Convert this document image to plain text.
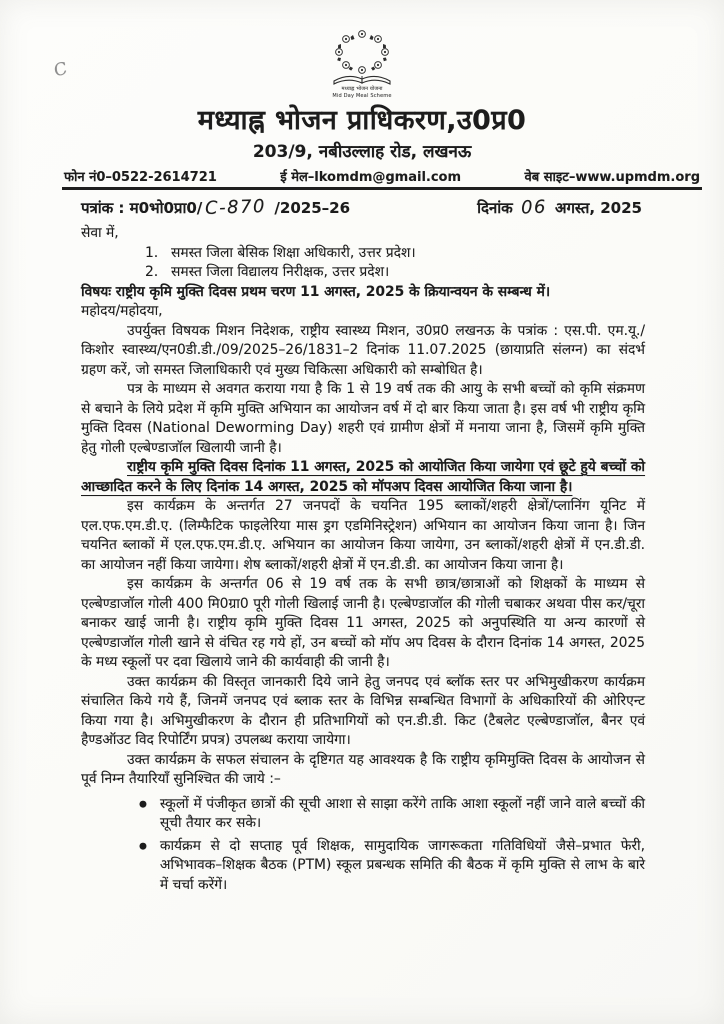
C
मध्याह्न भोजन योजना
Mid Day Meal Scheme
मध्याह्न भोजन प्राधिकरण,उ0प्र0
203/9, नबीउल्लाह रोड, लखनऊ
फोन नं0–0522-2614721	ई मेल–lkomdm@gmail.com	वेब साइट–www.upmdm.org
पत्रांक : म0भो0प्रा0/ C-870 /2025–26	दिनांक 06 अगस्त, 2025

सेवा में,

1. समस्त जिला बेसिक शिक्षा अधिकारी, उत्तर प्रदेश।
2. समस्त जिला विद्यालय निरीक्षक, उत्तर प्रदेश।

विषयः राष्ट्रीय कृमि मुक्ति दिवस प्रथम चरण 11 अगस्त, 2025 के क्रियान्वयन के सम्बन्ध में।

महोदय/महोदया,

उपर्युक्त विषयक मिशन निदेशक, राष्ट्रीय स्वास्थ्य मिशन, उ0प्र0 लखनऊ के पत्रांक : एस.पी. एम.यू./किशोर स्वास्थ्य/एन0डी.डी./09/2025–26/1831–2 दिनांक 11.07.2025 (छायाप्रति संलग्न) का संदर्भ ग्रहण करें, जो समस्त जिलाधिकारी एवं मुख्य चिकित्सा अधिकारी को सम्बोधित है।

पत्र के माध्यम से अवगत कराया गया है कि 1 से 19 वर्ष तक की आयु के सभी बच्चों को कृमि संक्रमण से बचाने के लिये प्रदेश में कृमि मुक्ति अभियान का आयोजन वर्ष में दो बार किया जाता है। इस वर्ष भी राष्ट्रीय कृमि मुक्ति दिवस (National Deworming Day) शहरी एवं ग्रामीण क्षेत्रों में मनाया जाना है, जिसमें कृमि मुक्ति हेतु गोली एल्बेण्डाजॉल खिलायी जानी है।

राष्ट्रीय कृमि मुक्ति दिवस दिनांक 11 अगस्त, 2025 को आयोजित किया जायेगा एवं छूटे हुये बच्चों को आच्छादित करने के लिए दिनांक 14 अगस्त, 2025 को मॉपअप दिवस आयोजित किया जाना है।

इस कार्यक्रम के अन्तर्गत 27 जनपदों के चयनित 195 ब्लाकों/शहरी क्षेत्रों/प्लानिंग यूनिट में एल.एफ.एम.डी.ए. (लिम्फैटिक फाइलेरिया मास ड्रग एडमिनिस्ट्रेशन) अभियान का आयोजन किया जाना है। जिन चयनित ब्लाकों में एल.एफ.एम.डी.ए. अभियान का आयोजन किया जायेगा, उन ब्लाकों/शहरी क्षेत्रों में एन.डी.डी. का आयोजन नहीं किया जायेगा। शेष ब्लाकों/शहरी क्षेत्रों में एन.डी.डी. का आयोजन किया जाना है।

इस कार्यक्रम के अन्तर्गत 06 से 19 वर्ष तक के सभी छात्र/छात्राओं को शिक्षकों के माध्यम से एल्बेण्डाजॉल गोली 400 मि0ग्रा0 पूरी गोली खिलाई जानी है। एल्बेण्डाजॉल की गोली चबाकर अथवा पीस कर/चूरा बनाकर खाई जानी है। राष्ट्रीय कृमि मुक्ति दिवस 11 अगस्त, 2025 को अनुपस्थिति या अन्य कारणों से एल्बेण्डाजॉल गोली खाने से वंचित रह गये हों, उन बच्चों को मॉप अप दिवस के दौरान दिनांक 14 अगस्त, 2025 के मध्य स्कूलों पर दवा खिलाये जाने की कार्यवाही की जानी है।

उक्त कार्यक्रम की विस्तृत जानकारी दिये जाने हेतु जनपद एवं ब्लॉक स्तर पर अभिमुखीकरण कार्यक्रम संचालित किये गये हैं, जिनमें जनपद एवं ब्लाक स्तर के विभिन्न सम्बन्धित विभागों के अधिकारियों की ओरिएन्ट किया गया है। अभिमुखीकरण के दौरान ही प्रतिभागियों को एन.डी.डी. किट (टैबलेट एल्बेण्डाजॉल, बैनर एवं हैण्डऑउट विद रिपोर्टिंग प्रपत्र) उपलब्ध कराया जायेगा।

उक्त कार्यक्रम के सफल संचालन के दृष्टिगत यह आवश्यक है कि राष्ट्रीय कृमिमुक्ति दिवस के आयोजन से पूर्व निम्न तैयारियाँ सुनिश्चित की जाये :–

● स्कूलों में पंजीकृत छात्रों की सूची आशा से साझा करेंगे ताकि आशा स्कूलों नहीं जाने वाले बच्चों की सूची तैयार कर सके।
● कार्यक्रम से दो सप्ताह पूर्व शिक्षक, सामुदायिक जागरूकता गतिविधियों जैसे–प्रभात फेरी, अभिभावक–शिक्षक बैठक (PTM) स्कूल प्रबन्धक समिति की बैठक में कृमि मुक्ति से लाभ के बारे में चर्चा करेंगें।
